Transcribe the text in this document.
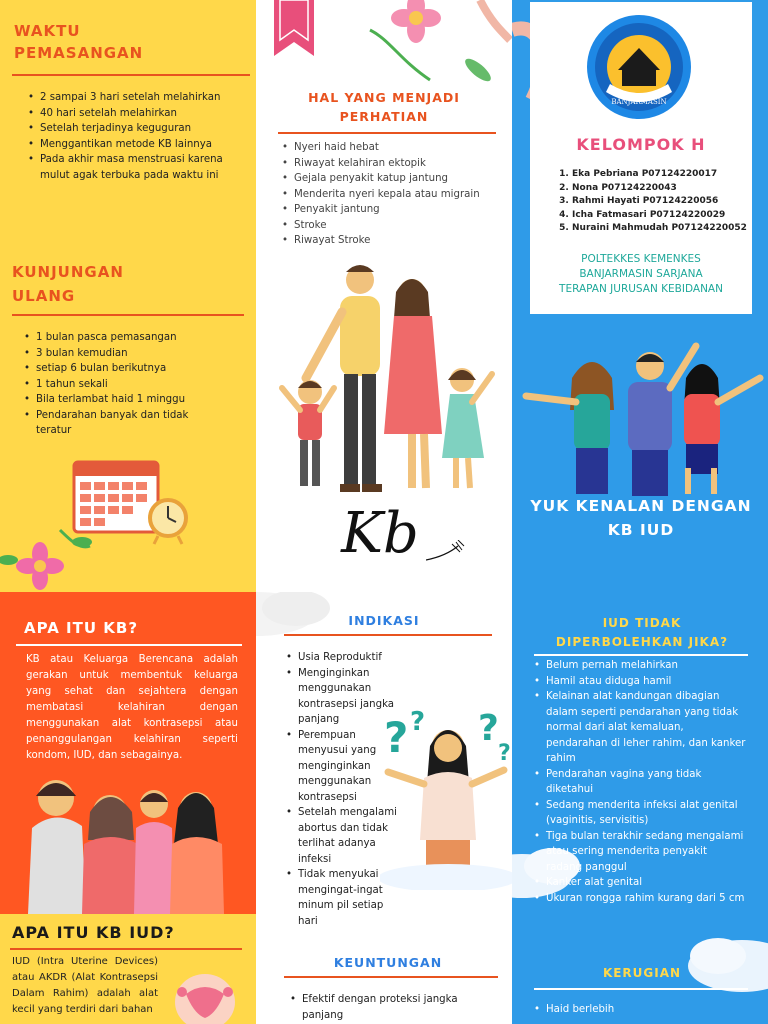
WAKTU PEMASANGAN
• 2 sampai 3 hari setelah melahirkan
• 40 hari setelah melahirkan
• Setelah terjadinya keguguran
• Menggantikan metode KB lainnya
• Pada akhir masa menstruasi karena mulut agak terbuka pada waktu ini
KUNJUNGAN ULANG
• 1 bulan pasca pemasangan
• 3 bulan kemudian
• setiap 6 bulan berikutnya
• 1 tahun sekali
• Bila terlambat haid 1 minggu
• Pendarahan banyak dan tidak teratur
HAL YANG MENJADI PERHATIAN
• Nyeri haid hebat
• Riwayat kelahiran ektopik
• Gejala penyakit katup jantung
• Menderita nyeri kepala atau migrain
• Penyakit jantung
• Stroke
• Riwayat Stroke
Kb
BANJARMASIN
KELOMPOK H
1. Eka Pebriana P07124220017
2. Nona P07124220043
3. Rahmi Hayati P07124220056
4. Icha Fatmasari P07124220029
5. Nuraini Mahmudah P07124220052
POLTEKKES KEMENKES BANJARMASIN SARJANA TERAPAN JURUSAN KEBIDANAN
YUK KENALAN DENGAN KB IUD
APA ITU KB?
KB atau Keluarga Berencana adalah gerakan untuk membentuk keluarga yang sehat dan sejahtera dengan membatasi kelahiran dengan menggunakan alat kontrasepsi atau penanggulangan kelahiran seperti kondom, IUD, dan sebagainya.
APA ITU KB IUD?
IUD (Intra Uterine Devices) atau AKDR (Alat Kontrasepsi Dalam Rahim) adalah alat kecil yang terdiri dari bahan
INDIKASI
• Usia Reproduktif
• Menginginkan menggunakan kontrasepsi jangka panjang
• Perempuan menyusui yang menginginkan menggunakan kontrasepsi
• Setelah mengalami abortus dan tidak terlihat adanya infeksi
• Tidak menyukai mengingat-ingat minum pil setiap hari
? ? ?
?
KEUNTUNGAN
• Efektif dengan proteksi jangka panjang
IUD TIDAK DIPERBOLEHKAN JIKA?
• Belum pernah melahirkan
• Hamil atau diduga hamil
• Kelainan alat kandungan dibagian dalam seperti pendarahan yang tidak normal dari alat kemaluan, pendarahan di leher rahim, dan kanker rahim
• Pendarahan vagina yang tidak diketahui
• Sedang menderita infeksi alat genital (vaginitis, servisitis)
• Tiga bulan terakhir sedang mengalami atau sering menderita penyakit radang panggul
• Kanker alat genital
• Ukuran rongga rahim kurang dari 5 cm
KERUGIAN
• Haid berlebih
